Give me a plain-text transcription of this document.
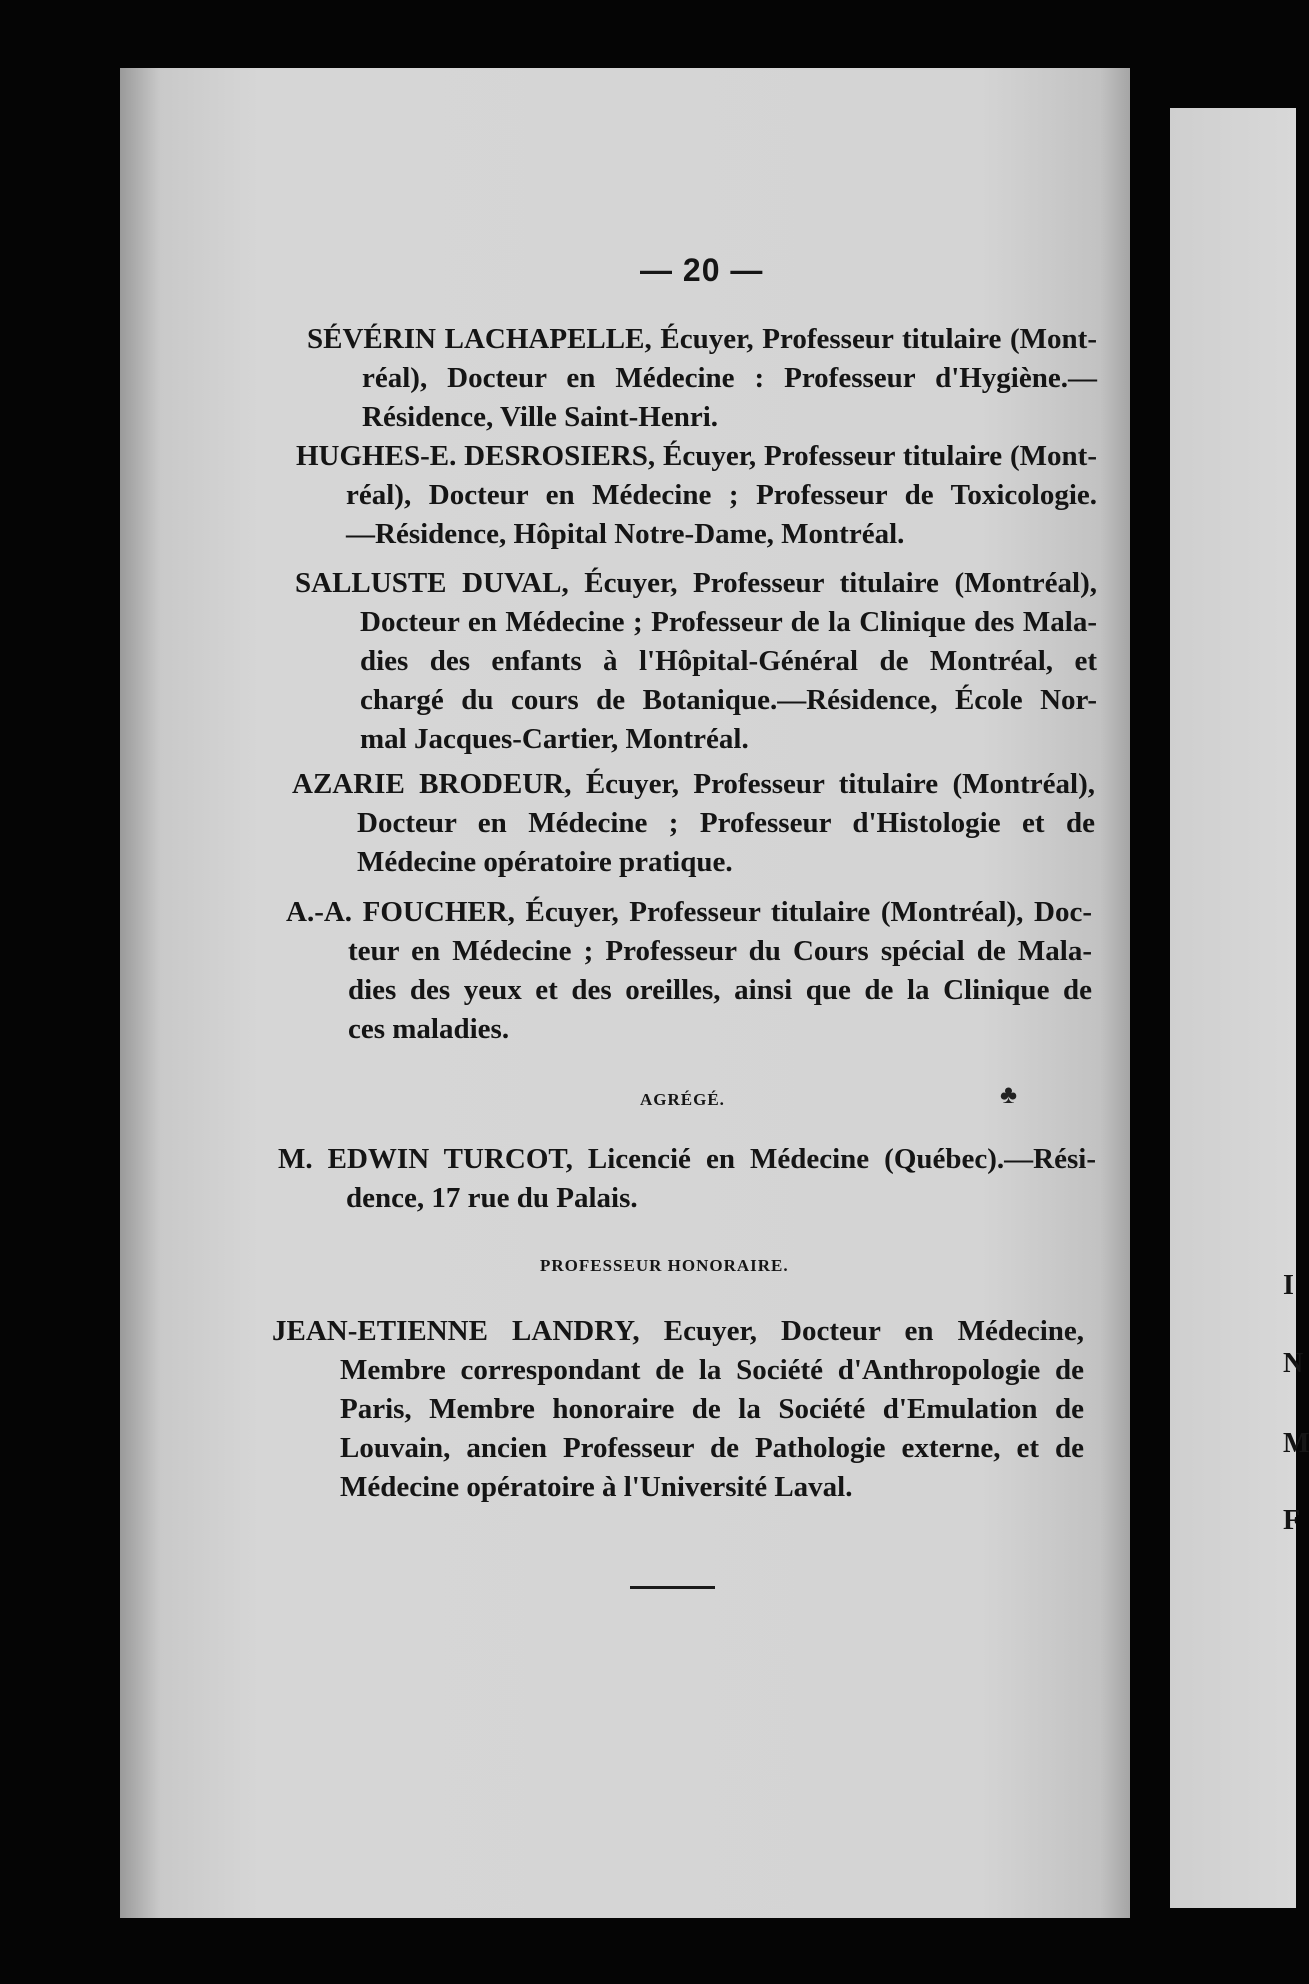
— 20 —
SÉVÉRIN LACHAPELLE, Écuyer, Professeur titulaire (Mont-
réal), Docteur en Médecine : Professeur d'Hygiène.—
Résidence, Ville Saint-Henri.
HUGHES-E. DESROSIERS, Écuyer, Professeur titulaire (Mont-
réal), Docteur en Médecine ; Professeur de Toxicologie.
—Résidence, Hôpital Notre-Dame, Montréal.
SALLUSTE DUVAL, Écuyer, Professeur titulaire (Montréal),
Docteur en Médecine ; Professeur de la Clinique des Mala-
dies des enfants à l'Hôpital-Général de Montréal, et
chargé du cours de Botanique.—Résidence, École Nor-
mal Jacques-Cartier, Montréal.
AZARIE BRODEUR, Écuyer, Professeur titulaire (Montréal),
Docteur en Médecine ; Professeur d'Histologie et de
Médecine opératoire pratique.
A.-A. FOUCHER, Écuyer, Professeur titulaire (Montréal), Doc-
teur en Médecine ; Professeur du Cours spécial de Mala-
dies des yeux et des oreilles, ainsi que de la Clinique de
ces maladies.
AGRÉGÉ.	♣
M. EDWIN TURCOT, Licencié en Médecine (Québec).—Rési-
dence, 17 rue du Palais.
PROFESSEUR HONORAIRE.
JEAN-ETIENNE LANDRY, Ecuyer, Docteur en Médecine,
Membre correspondant de la Société d'Anthropologie de
Paris, Membre honoraire de la Société d'Emulation de
Louvain, ancien Professeur de Pathologie externe, et de
Médecine opératoire à l'Université Laval.
I
N
M
F
